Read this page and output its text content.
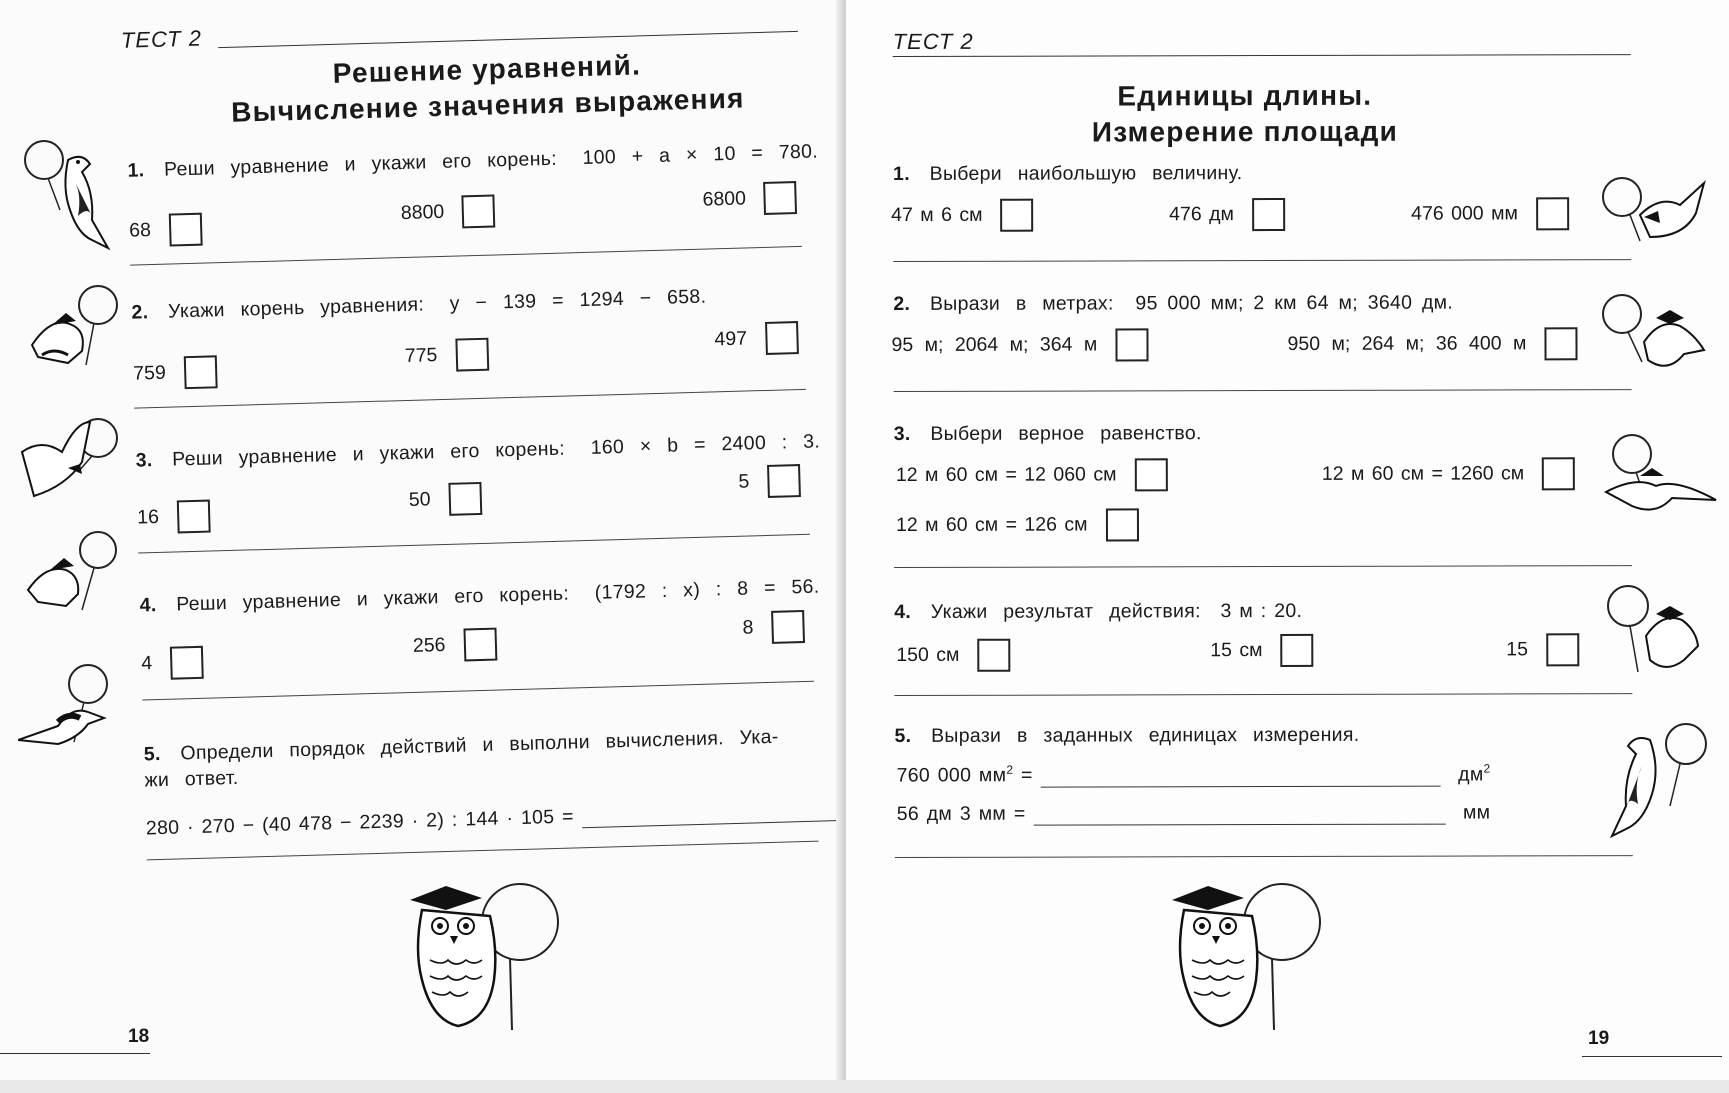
ТЕСТ 2
Решение уравнений.
Вычисление значения выражения
1. Реши уравнение и укажи его корень: 100 + a × 10 = 780.
68
8800
6800
2. Укажи корень уравнения: y − 139 = 1294 − 658.
759
775
497
3. Реши уравнение и укажи его корень: 160 × b = 2400 : 3.
16
50
5
4. Реши уравнение и укажи его корень: (1792 : x) : 8 = 56.
4
256
8
5. Определи порядок действий и выполни вычисления. Ука-
жи ответ.
280 · 270 − (40 478 − 2239 · 2) : 144 · 105 =
18
ТЕСТ 2
Единицы длины.
Измерение площади
1. Выбери наибольшую величину.
47 м 6 см	476 дм	476 000 мм
2. Вырази в метрах: 95 000 мм; 2 км 64 м; 3640 дм.
95 м; 2064 м; 364 м	950 м; 264 м; 36 400 м
3. Выбери верное равенство.
12 м 60 см = 12 060 см	12 м 60 см = 1260 см
12 м 60 см = 126 см
4. Укажи результат действия: 3 м : 20.
150 см	15 см	15
5. Вырази в заданных единицах измерения.
760 000 $мм^2$ =	$дм^2$
56 дм 3 мм =	мм
19
